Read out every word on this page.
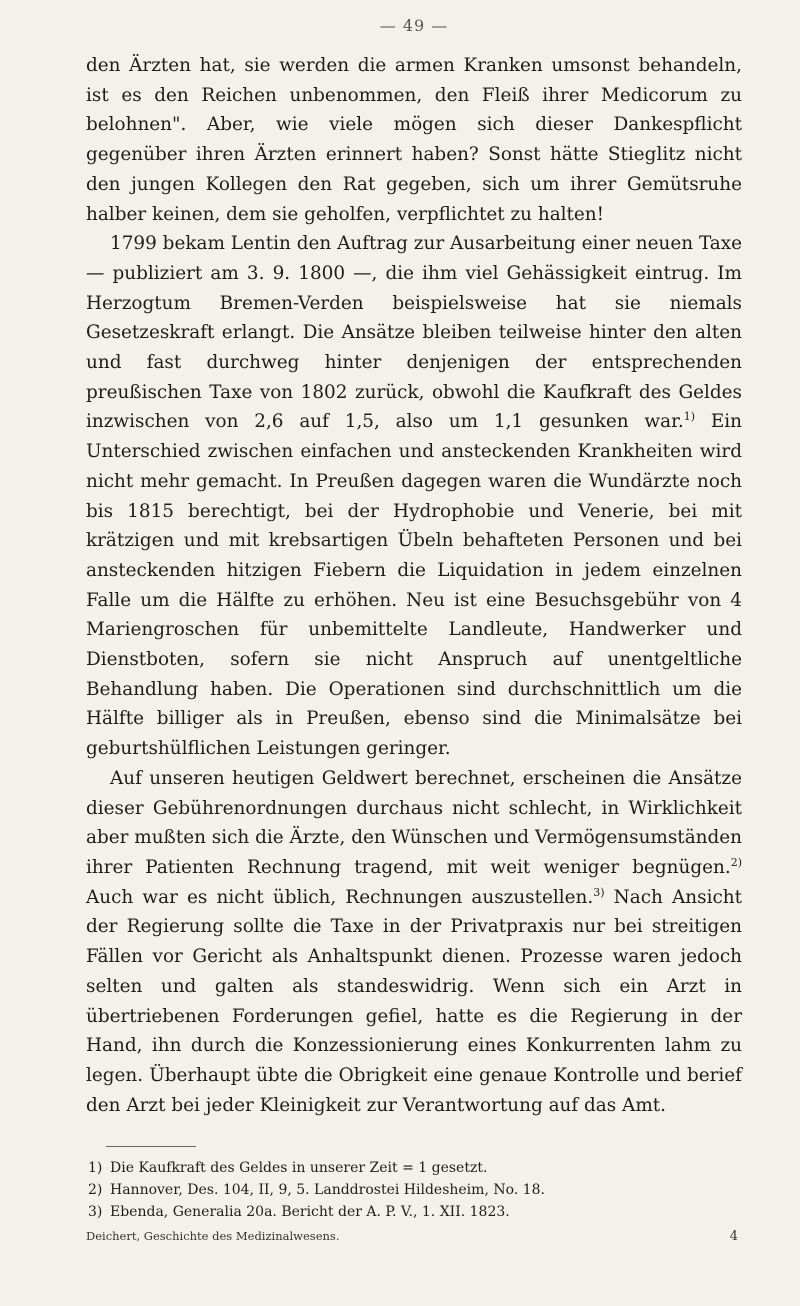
— 49 —

den Ärzten hat, sie werden die armen Kranken umsonst behandeln, ist es den Reichen unbenommen, den Fleiß ihrer Medicorum zu belohnen". Aber, wie viele mögen sich dieser Dankespflicht gegenüber ihren Ärzten erinnert haben? Sonst hätte Stieglitz nicht den jungen Kollegen den Rat gegeben, sich um ihrer Gemütsruhe halber keinen, dem sie geholfen, verpflichtet zu halten!

1799 bekam Lentin den Auftrag zur Ausarbeitung einer neuen Taxe — publiziert am 3. 9. 1800 —, die ihm viel Gehässigkeit eintrug. Im Herzogtum Bremen-Verden beispielsweise hat sie niemals Gesetzeskraft erlangt. Die Ansätze bleiben teilweise hinter den alten und fast durchweg hinter denjenigen der entsprechenden preußischen Taxe von 1802 zurück, obwohl die Kaufkraft des Geldes inzwischen von 2,6 auf 1,5, also um 1,1 gesunken war.$^{1)}$ Ein Unterschied zwischen einfachen und ansteckenden Krankheiten wird nicht mehr gemacht. In Preußen dagegen waren die Wundärzte noch bis 1815 berechtigt, bei der Hydrophobie und Venerie, bei mit krätzigen und mit krebsartigen Übeln behafteten Personen und bei ansteckenden hitzigen Fiebern die Liquidation in jedem einzelnen Falle um die Hälfte zu erhöhen. Neu ist eine Besuchsgebühr von 4 Mariengroschen für unbemittelte Landleute, Handwerker und Dienstboten, sofern sie nicht Anspruch auf unentgeltliche Behandlung haben. Die Operationen sind durchschnittlich um die Hälfte billiger als in Preußen, ebenso sind die Minimalsätze bei geburtshülflichen Leistungen geringer.

Auf unseren heutigen Geldwert berechnet, erscheinen die Ansätze dieser Gebührenordnungen durchaus nicht schlecht, in Wirklichkeit aber mußten sich die Ärzte, den Wünschen und Vermögensumständen ihrer Patienten Rechnung tragend, mit weit weniger begnügen.$^{2)}$ Auch war es nicht üblich, Rechnungen auszustellen.$^{3)}$ Nach Ansicht der Regierung sollte die Taxe in der Privatpraxis nur bei streitigen Fällen vor Gericht als Anhaltspunkt dienen. Prozesse waren jedoch selten und galten als standeswidrig. Wenn sich ein Arzt in übertriebenen Forderungen gefiel, hatte es die Regierung in der Hand, ihn durch die Konzessionierung eines Konkurrenten lahm zu legen. Überhaupt übte die Obrigkeit eine genaue Kontrolle und berief den Arzt bei jeder Kleinigkeit zur Verantwortung auf das Amt.

1) Die Kaufkraft des Geldes in unserer Zeit = 1 gesetzt.
2) Hannover, Des. 104, II, 9, 5. Landdrostei Hildesheim, No. 18.
3) Ebenda, Generalia 20a. Bericht der A. P. V., 1. XII. 1823.
Deichert, Geschichte des Medizinalwesens.	4
